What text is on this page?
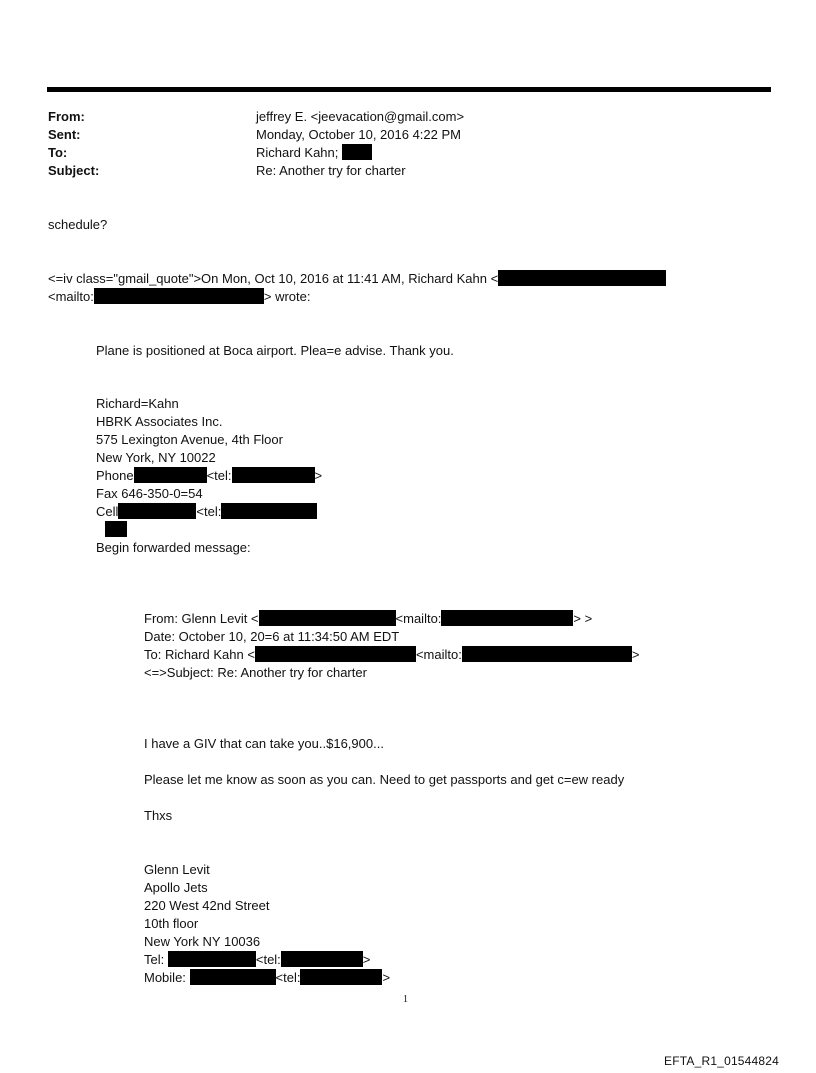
From:	jeffrey E. <jeevacation@gmail.com>
Sent:	Monday, October 10, 2016 4:22 PM
To:	Richard Kahn;
Subject:	Re: Another try for charter
schedule?
<=iv class="gmail_quote">On Mon, Oct 10, 2016 at 11:41 AM, Richard Kahn <
<mailto:	> wrote:
Plane is positioned at Boca airport. Plea=e advise. Thank you.
Richard=Kahn
HBRK Associates Inc.
575 Lexington Avenue, 4th Floor
New York, NY 10022
Phone	<tel:	>
Fax 646-350-0=54
Cell	<tel:
Begin forwarded message:
From: Glenn Levit <	<mailto:	> >
Date: October 10, 20=6 at 11:34:50 AM EDT
To: Richard Kahn <	<mailto:	>
<=>Subject: Re: Another try for charter
I have a GIV that can take you..$16,900...
Please let me know as soon as you can. Need to get passports and get c=ew ready
Thxs
Glenn Levit
Apollo Jets
220 West 42nd Street
10th floor
New York NY 10036
Tel:	<tel:	>
Mobile:	<tel:	>
1
EFTA_R1_01544824
